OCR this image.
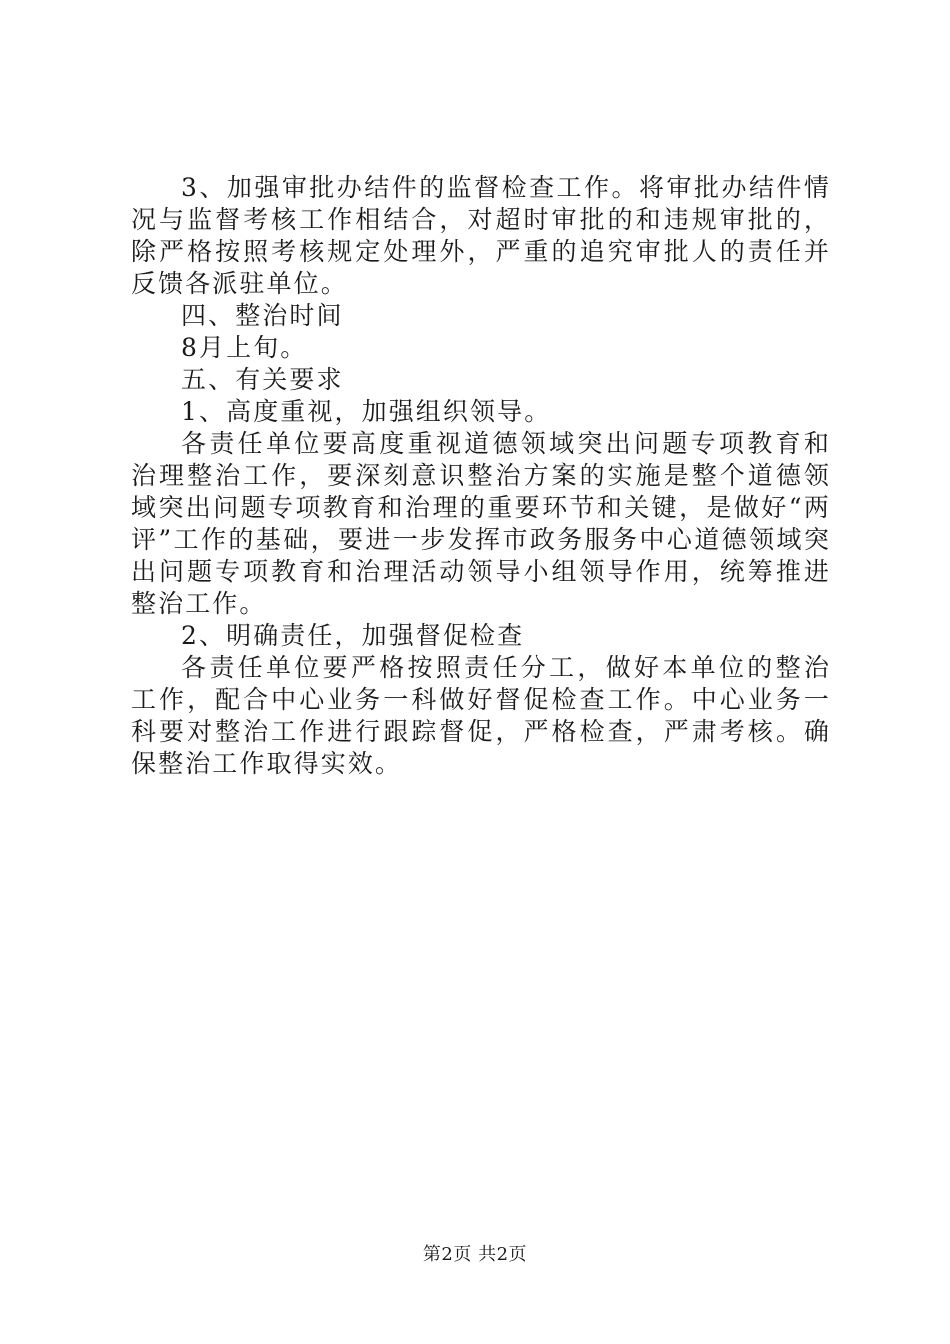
3、加强审批办结件的监督检查工作。将审批办结件情况与监督考核工作相结合，对超时审批的和违规审批的，除严格按照考核规定处理外，严重的追究审批人的责任并反馈各派驻单位。

四、整治时间

8月上旬。

五、有关要求

1、高度重视，加强组织领导。

各责任单位要高度重视道德领域突出问题专项教育和治理整治工作，要深刻意识整治方案的实施是整个道德领域突出问题专项教育和治理的重要环节和关键，是做好“两评”工作的基础，要进一步发挥市政务服务中心道德领域突出问题专项教育和治理活动领导小组领导作用，统筹推进整治工作。

2、明确责任，加强督促检查

各责任单位要严格按照责任分工，做好本单位的整治工作，配合中心业务一科做好督促检查工作。中心业务一科要对整治工作进行跟踪督促，严格检查，严肃考核。确保整治工作取得实效。

第2页 共2页
